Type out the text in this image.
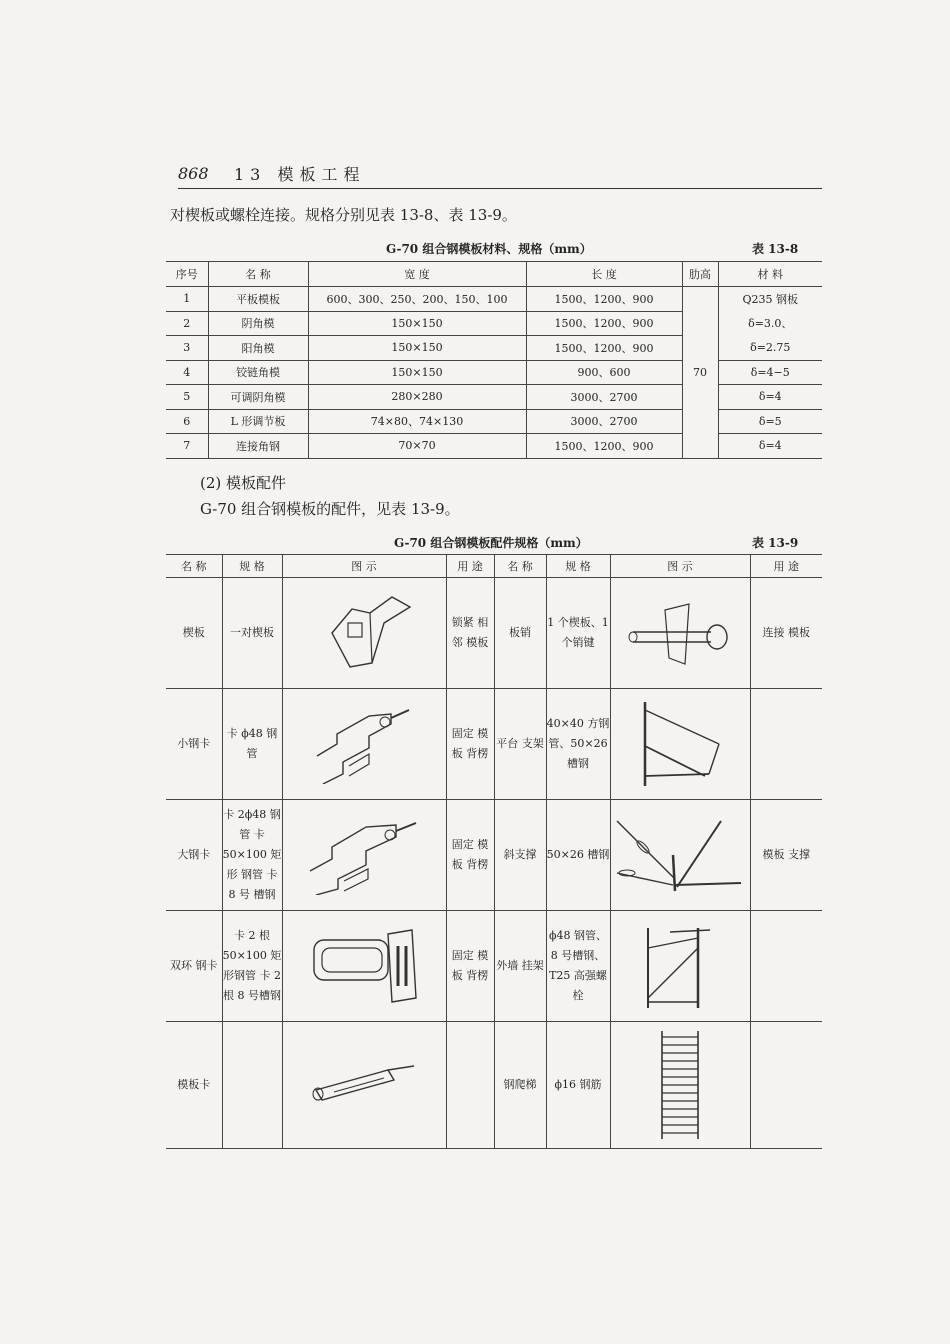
868 13 模板工程
对楔板或螺栓连接。规格分别见表 13-8、表 13-9。
G-70 组合钢模板材料、规格（mm）	表 13-8
序号	名 称	宽 度	长 度	肋高	材 料
1	平板模板	600、300、250、200、150、100	1500、1200、900	70	Q235 钢板
2	阴角模	150×150	1500、1200、900		δ=3.0、
3	阳角模	150×150	1500、1200、900		δ=2.75
4	铰链角模	150×150	900、600		δ=4−5
5	可调阴角模	280×280	3000、2700		δ=4
6	L 形调节板	74×80、74×130	3000、2700		δ=5
7	连接角钢	70×70	1500、1200、900		δ=4
(2) 模板配件
G-70 组合钢模板的配件，见表 13-9。
G-70 组合钢模板配件规格（mm）	表 13-9
名 称	规 格	图 示	用 途	名 称	规 格	图 示	用 途
楔板	一对楔板		锁紧 相邻 模板	板销	1 个楔板、1 个销键		连接 模板
小钢卡	卡 ϕ48 钢管		固定 模板 背楞	平台 支架	40×40 方钢管、50×26 槽钢	

大钢卡	卡 2ϕ48 钢管 卡 50×100 矩形 钢管 卡 8 号 槽钢		固定 模板 背楞	斜支撑	50×26 槽钢		模板 支撑
双环 钢卡	卡 2 根 50×100 矩形钢管 卡 2 根 8 号槽钢		固定 模板 背楞	外墙 挂架	ϕ48 钢管、8 号槽钢、T25 高强螺栓	

模板卡				钢爬梯	ϕ16 钢筋	
